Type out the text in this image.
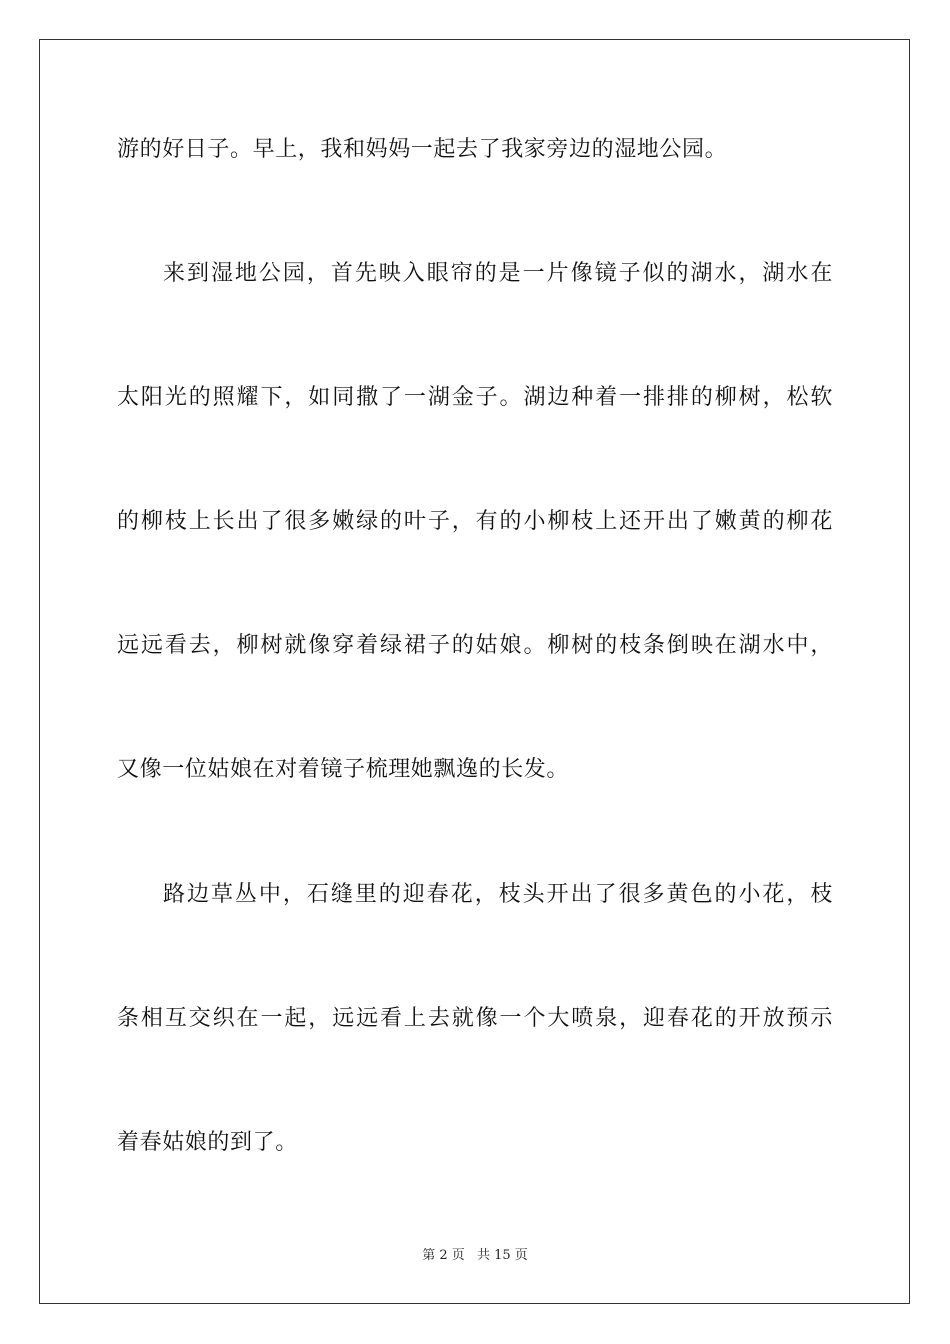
游的好日子。早上，我和妈妈一起去了我家旁边的湿地公园。
来到湿地公园，首先映入眼帘的是一片像镜子似的湖水，湖水在
太阳光的照耀下，如同撒了一湖金子。湖边种着一排排的柳树，松软
的柳枝上长出了很多嫩绿的叶子，有的小柳枝上还开出了嫩黄的柳花
远远看去，柳树就像穿着绿裙子的姑娘。柳树的枝条倒映在湖水中，
又像一位姑娘在对着镜子梳理她飘逸的长发。
路边草丛中，石缝里的迎春花，枝头开出了很多黄色的小花，枝
条相互交织在一起，远远看上去就像一个大喷泉，迎春花的开放预示
着春姑娘的到了。
第 2 页 共 15 页
